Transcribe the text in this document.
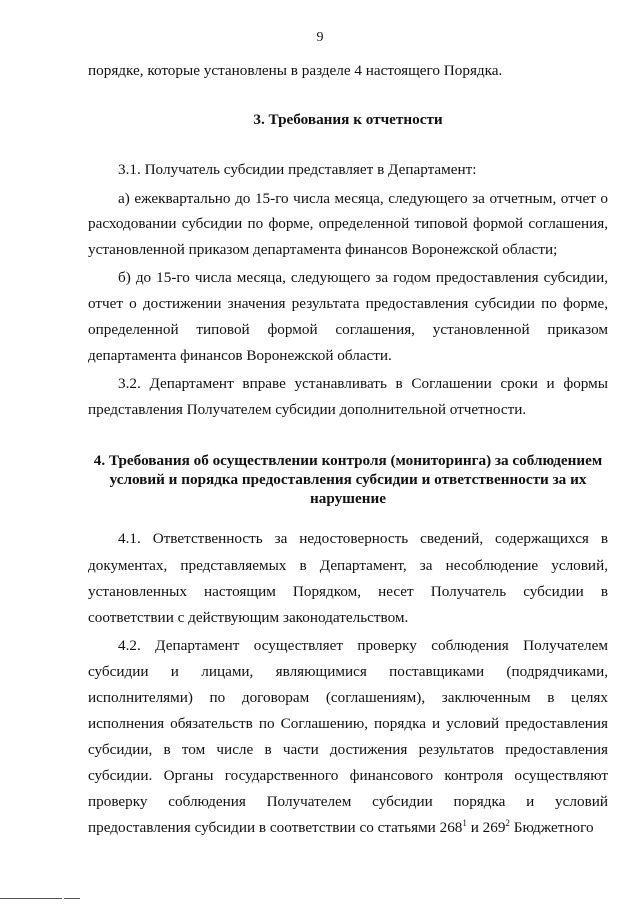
9
порядке, которые установлены в разделе 4 настоящего Порядка.
3. Требования к отчетности
3.1. Получатель субсидии представляет в Департамент:
а) ежеквартально до 15-го числа месяца, следующего за отчетным, отчет о
расходовании субсидии по форме, определенной типовой формой соглашения,
установленной приказом департамента финансов Воронежской области;
б) до 15-го числа месяца, следующего за годом предоставления субсидии,
отчет о достижении значения результата предоставления субсидии по форме,
определенной типовой формой соглашения, установленной приказом
департамента финансов Воронежской области.
3.2. Департамент вправе устанавливать в Соглашении сроки и формы
представления Получателем субсидии дополнительной отчетности.
4. Требования об осуществлении контроля (мониторинга) за соблюдением
условий и порядка предоставления субсидии и ответственности за их
нарушение
4.1. Ответственность за недостоверность сведений, содержащихся в
документах, представляемых в Департамент, за несоблюдение условий,
установленных настоящим Порядком, несет Получатель субсидии в
соответствии с действующим законодательством.
4.2. Департамент осуществляет проверку соблюдения Получателем
субсидии и лицами, являющимися поставщиками (подрядчиками,
исполнителями) по договорам (соглашениям), заключенным в целях
исполнения обязательств по Соглашению, порядка и условий предоставления
субсидии, в том числе в части достижения результатов предоставления
субсидии. Органы государственного финансового контроля осуществляют
проверку соблюдения Получателем субсидии порядка и условий
предоставления субсидии в соответствии со статьями $268^1$ и $269^2$ Бюджетного
